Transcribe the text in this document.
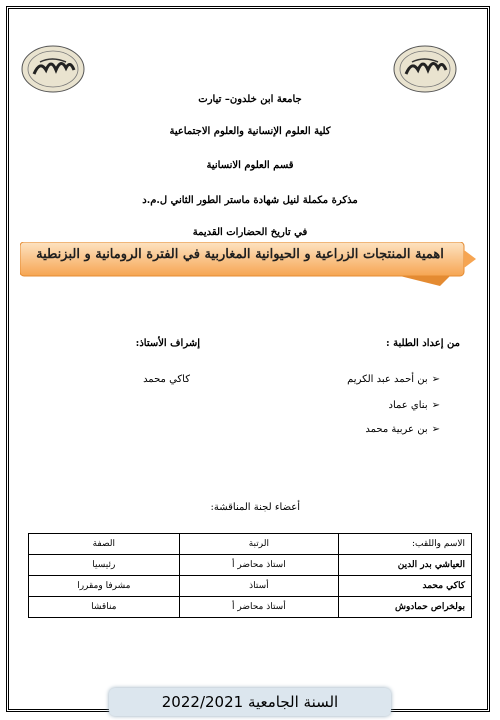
جامعة ابن خلدون– تيارت
كلية العلوم الإنسانية والعلوم الاجتماعية
قسم العلوم الانسانية
مذكرة مكملة لنيل شهادة ماستر الطور الثاني ل.م.د
في تاريخ الحضارات القديمة
اهمية المنتجات الزراعية و الحيوانية المغاربية في الفترة الرومانية و البزنطية
من إعداد الطلبة :
إشراف الأستاذ:
➢
بن أحمد عبد الكريم
➢
بناي عماد
➢
بن عربية محمد
كاكي محمد
أعضاء لجنة المناقشة:
الاسم واللقب:	الرتبة	الصفة
العياشي بدر الدين	استاذ محاضر أ	رئيسيا
كاكي محمد	أستاذ	مشرفا ومقررا
بولخراص حمادوش	أستاذ محاضر أ	مناقشا
السنة الجامعية 2022/2021
